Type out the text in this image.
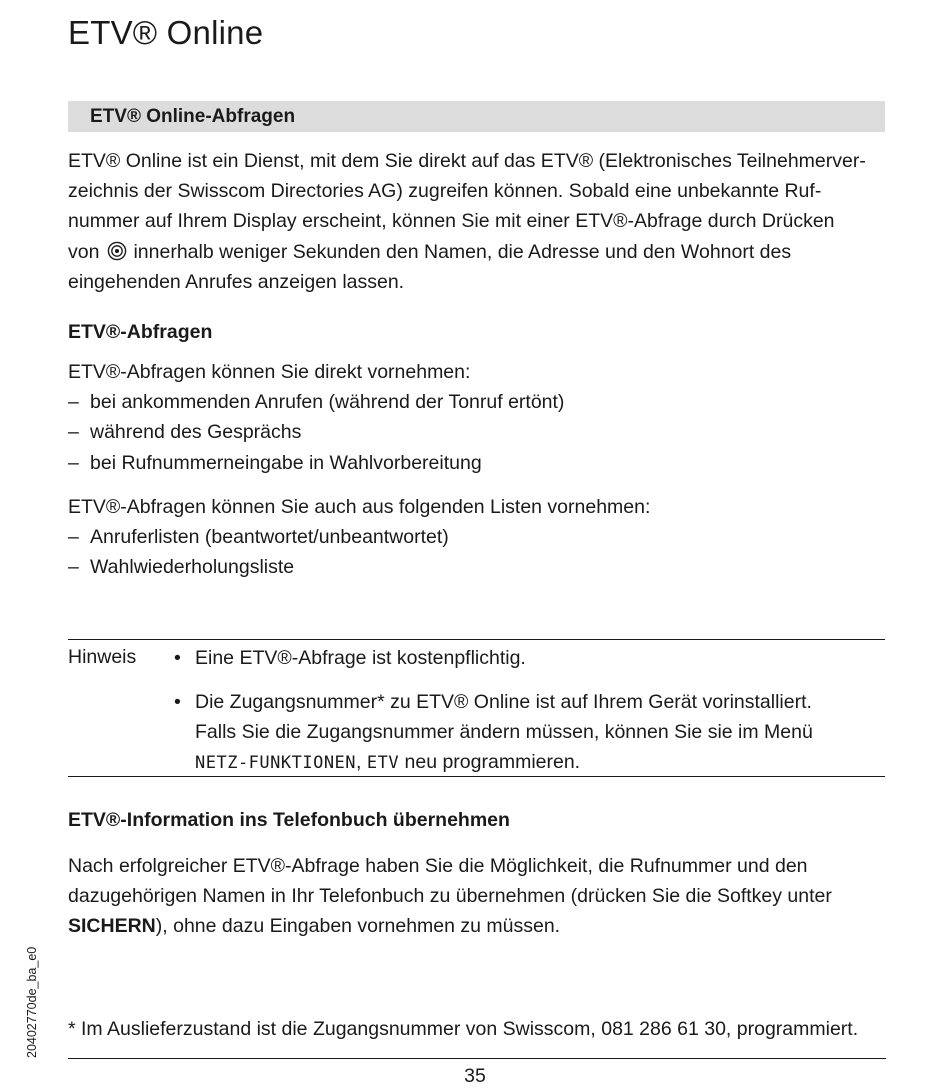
ETV® Online
ETV® Online-Abfragen
ETV® Online ist ein Dienst, mit dem Sie direkt auf das ETV® (Elektronisches Teilnehmerver-
zeichnis der Swisscom Directories AG) zugreifen können. Sobald eine unbekannte Ruf-
nummer auf Ihrem Display erscheint, können Sie mit einer ETV®-Abfrage durch Drücken
von innerhalb weniger Sekunden den Namen, die Adresse und den Wohnort des
eingehenden Anrufes anzeigen lassen.
ETV®-Abfragen
ETV®-Abfragen können Sie direkt vornehmen:
– bei ankommenden Anrufen (während der Tonruf ertönt)
– während des Gesprächs
– bei Rufnummerneingabe in Wahlvorbereitung
ETV®-Abfragen können Sie auch aus folgenden Listen vornehmen:
– Anruferlisten (beantwortet/unbeantwortet)
– Wahlwiederholungsliste
Hinweis • Eine ETV®-Abfrage ist kostenpflichtig.
• Die Zugangsnummer* zu ETV® Online ist auf Ihrem Gerät vorinstalliert.
Falls Sie die Zugangsnummer ändern müssen, können Sie sie im Menü
NETZ-FUNKTIONEN, ETV neu programmieren.
ETV®-Information ins Telefonbuch übernehmen
Nach erfolgreicher ETV®-Abfrage haben Sie die Möglichkeit, die Rufnummer und den
dazugehörigen Namen in Ihr Telefonbuch zu übernehmen (drücken Sie die Softkey unter
SICHERN), ohne dazu Eingaben vornehmen zu müssen.
* Im Auslieferzustand ist die Zugangsnummer von Swisscom, 081 286 61 30, programmiert.
35
20402770de_ba_e0
